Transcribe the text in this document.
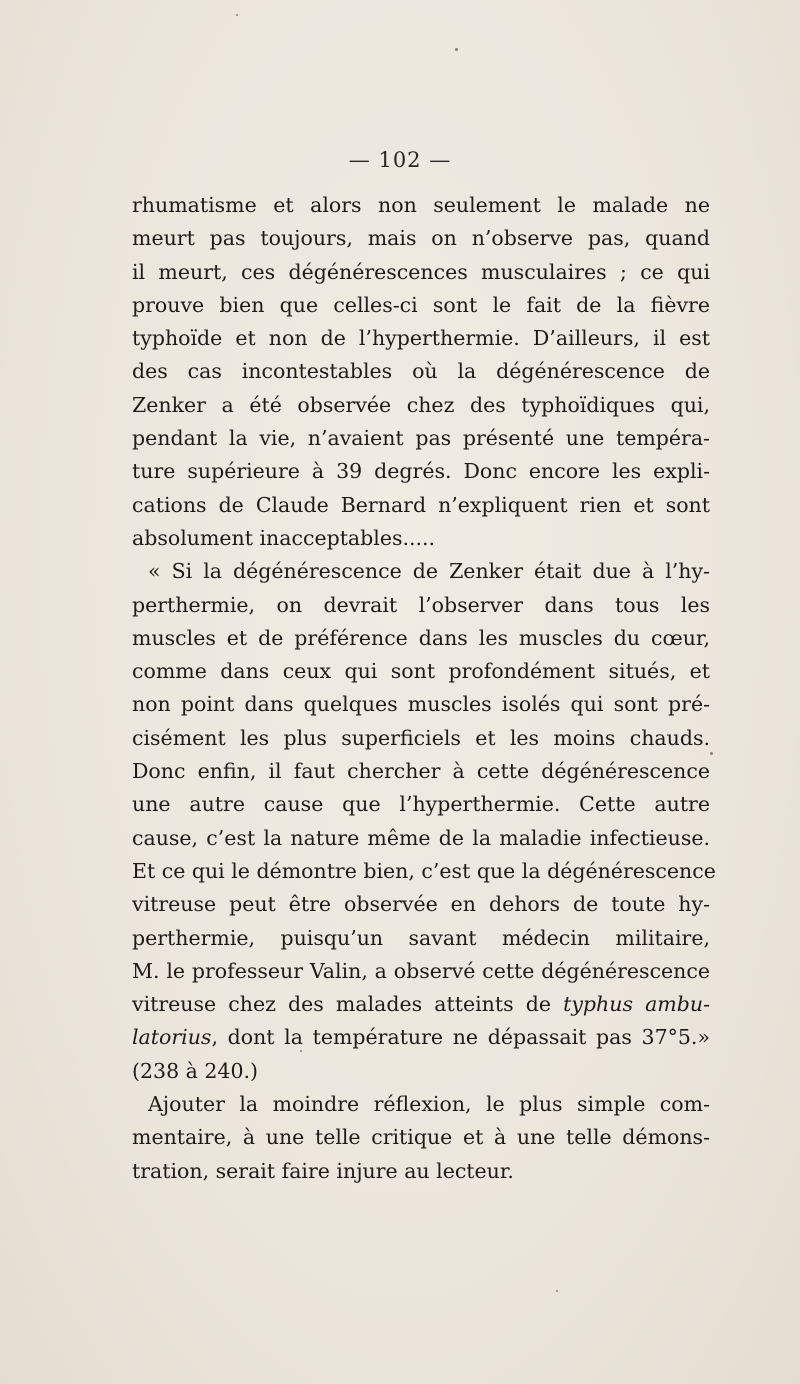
— 102 —
rhumatisme et alors non seulement le malade ne
meurt pas toujours, mais on n’observe pas, quand
il meurt, ces dégénérescences musculaires ; ce qui
prouve bien que celles-ci sont le fait de la fièvre
typhoïde et non de l’hyperthermie. D’ailleurs, il est
des cas incontestables où la dégénérescence de
Zenker a été observée chez des typhoïdiques qui,
pendant la vie, n’avaient pas présenté une tempéra-
ture supérieure à 39 degrés. Donc encore les expli-
cations de Claude Bernard n’expliquent rien et sont
absolument inacceptables.....
« Si la dégénérescence de Zenker était due à l’hy-
perthermie, on devrait l’observer dans tous les
muscles et de préférence dans les muscles du cœur,
comme dans ceux qui sont profondément situés, et
non point dans quelques muscles isolés qui sont pré-
cisément les plus superficiels et les moins chauds.
Donc enfin, il faut chercher à cette dégénérescence
une autre cause que l’hyperthermie. Cette autre
cause, c’est la nature même de la maladie infectieuse.
Et ce qui le démontre bien, c’est que la dégénérescence
vitreuse peut être observée en dehors de toute hy-
perthermie, puisqu’un savant médecin militaire,
M. le professeur Valin, a observé cette dégénérescence
vitreuse chez des malades atteints de typhus ambu-
latorius, dont la température ne dépassait pas 37°5.»
(238 à 240.)
Ajouter la moindre réflexion, le plus simple com-
mentaire, à une telle critique et à une telle démons-
tration, serait faire injure au lecteur.
